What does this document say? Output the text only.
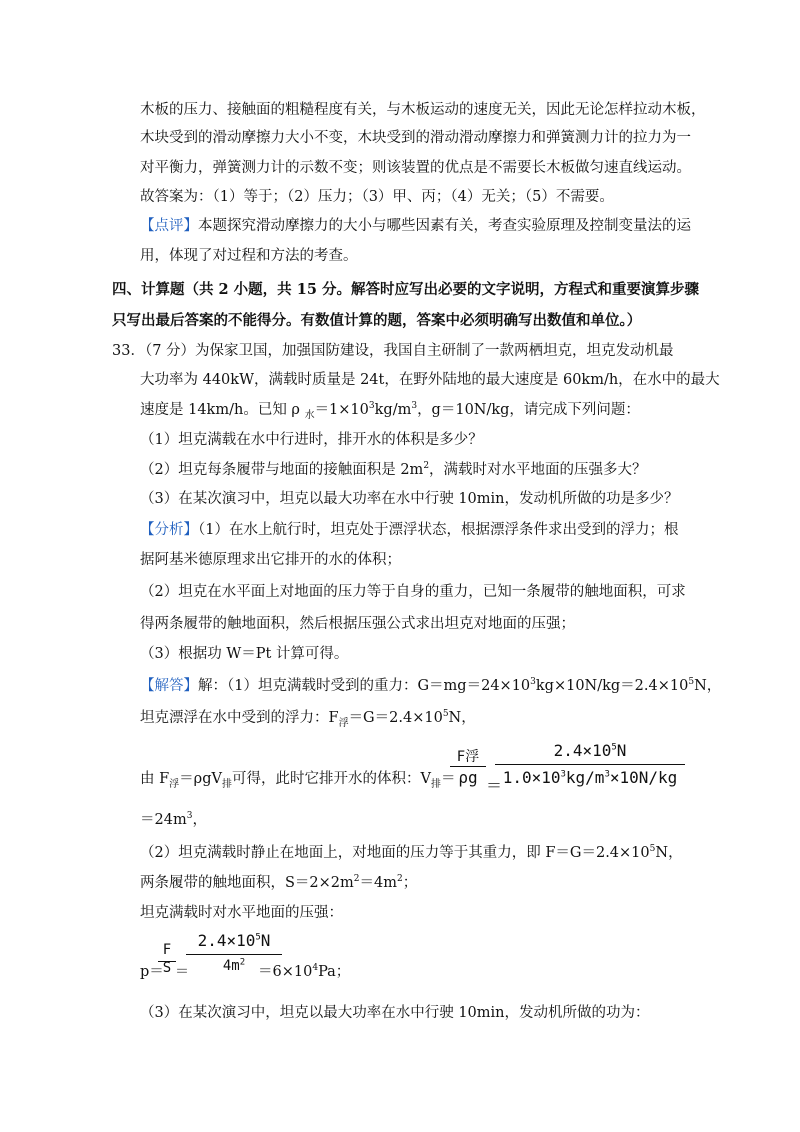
木板的压力、接触面的粗糙程度有关，与木板运动的速度无关，因此无论怎样拉动木板，
木块受到的滑动摩擦力大小不变，木块受到的滑动滑动摩擦力和弹簧测力计的拉力为一
对平衡力，弹簧测力计的示数不变；则该装置的优点是不需要长木板做匀速直线运动。
故答案为：（1）等于；（2）压力；（3）甲、丙；（4）无关；（5）不需要。
【点评】本题探究滑动摩擦力的大小与哪些因素有关，考查实验原理及控制变量法的运
用，体现了对过程和方法的考查。
四、计算题（共 2 小题，共 15 分。解答时应写出必要的文字说明，方程式和重要演算步骤
只写出最后答案的不能得分。有数值计算的题，答案中必须明确写出数值和单位。）
33．（7 分）为保家卫国，加强国防建设，我国自主研制了一款两栖坦克，坦克发动机最
大功率为 440kW，满载时质量是 24t，在野外陆地的最大速度是 60km/h，在水中的最大
速度是 14km/h。已知 ρ $_水=1\times 10^3kg/m^3$，g＝10N/kg，请完成下列问题：
（1）坦克满载在水中行进时，排开水的体积是多少？
（2）坦克每条履带与地面的接触面积是 $2m^2$，满载时对水平地面的压强多大？
（3）在某次演习中，坦克以最大功率在水中行驶 10min，发动机所做的功是多少？
【分析】（1）在水上航行时，坦克处于漂浮状态，根据漂浮条件求出受到的浮力；根
据阿基米德原理求出它排开的水的体积；
（2）坦克在水平面上对地面的压力等于自身的重力，已知一条履带的触地面积，可求
得两条履带的触地面积，然后根据压强公式求出坦克对地面的压强；
（3）根据功 W＝Pt 计算可得。
【解答】解：（1）坦克满载时受到的重力：$G=mg=24\times 10^3kg\times 10N/kg=2.4\times 10^5N$，
坦克漂浮在水中受到的浮力：$F_浮=G=2.4\times 10^5N$，
由 $F_浮=\rho gV_排$可得，此时它排开水的体积：$V_排=$
F浮
ρg ＝
$2.4\times 10^5N$
$1.0\times 10^3kg/m^3\times 10N/kg$
$=24m^3$，
（2）坦克满载时静止在地面上，对地面的压力等于其重力，即 $F=G=2.4\times 10^5N$，
两条履带的触地面积，$S=2\times 2m^2=4m^2$；
坦克满载时对水平地面的压强：
p＝
F
S ＝
$2.4\times 10^5N$
$4m^2$
$=6\times 10^4Pa$；
（3）在某次演习中，坦克以最大功率在水中行驶 10min，发动机所做的功为：
